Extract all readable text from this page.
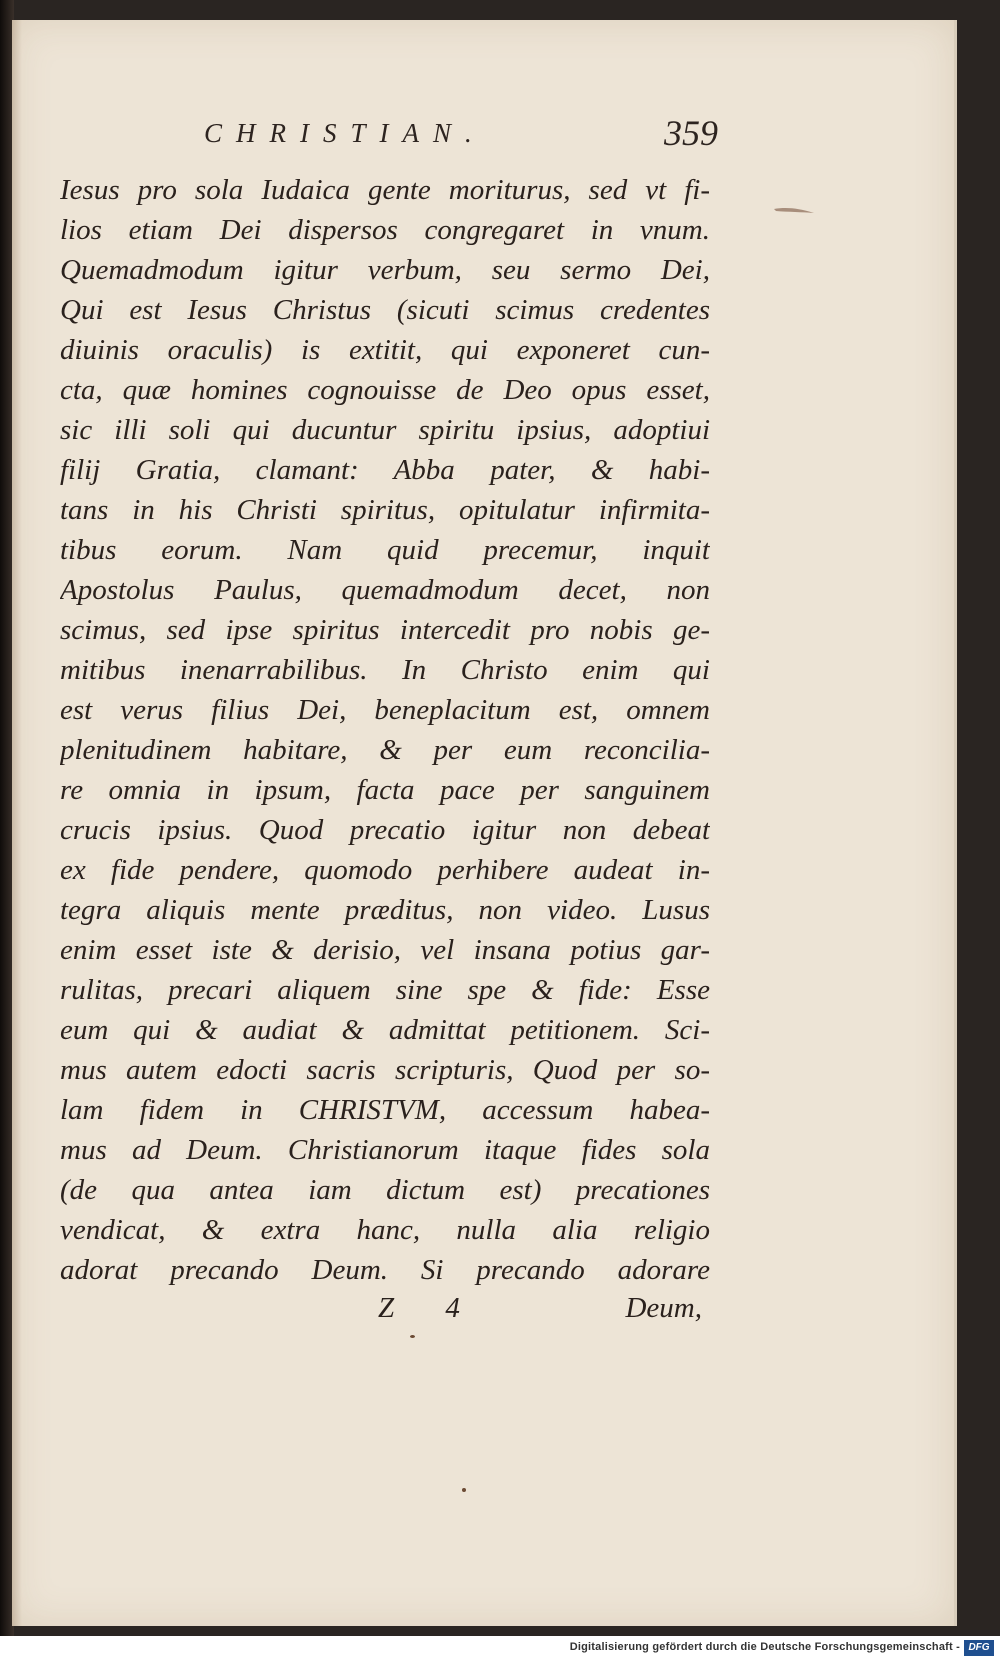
CHRISTIAN.	359
Iesus pro sola Iudaica gente moriturus, sed vt fi-
lios etiam Dei dispersos congregaret in vnum.
Quemadmodum igitur verbum, seu sermo Dei,
Qui est Iesus Christus (sicuti scimus credentes
diuinis oraculis) is extitit, qui exponeret cun-
cta, quæ homines cognouisse de Deo opus esset,
sic illi soli qui ducuntur spiritu ipsius, adoptiui
filij Gratia, clamant: Abba pater, & habi-
tans in his Christi spiritus, opitulatur infirmita-
tibus eorum. Nam quid precemur, inquit
Apostolus Paulus, quemadmodum decet, non
scimus, sed ipse spiritus intercedit pro nobis ge-
mitibus inenarrabilibus. In Christo enim qui
est verus filius Dei, beneplacitum est, omnem
plenitudinem habitare, & per eum reconcilia-
re omnia in ipsum, facta pace per sanguinem
crucis ipsius. Quod precatio igitur non debeat
ex fide pendere, quomodo perhibere audeat in-
tegra aliquis mente præditus, non video. Lusus
enim esset iste & derisio, vel insana potius gar-
rulitas, precari aliquem sine spe & fide: Esse
eum qui & audiat & admittat petitionem. Sci-
mus autem edocti sacris scripturis, Quod per so-
lam fidem in CHRISTVM, accessum habea-
mus ad Deum. Christianorum itaque fides sola
(de qua antea iam dictum est) precationes
vendicat, & extra hanc, nulla alia religio
adorat precando Deum. Si precando adorare
Z 4	Deum,
Digitalisierung gefördert durch die Deutsche Forschungsgemeinschaft - DFG
